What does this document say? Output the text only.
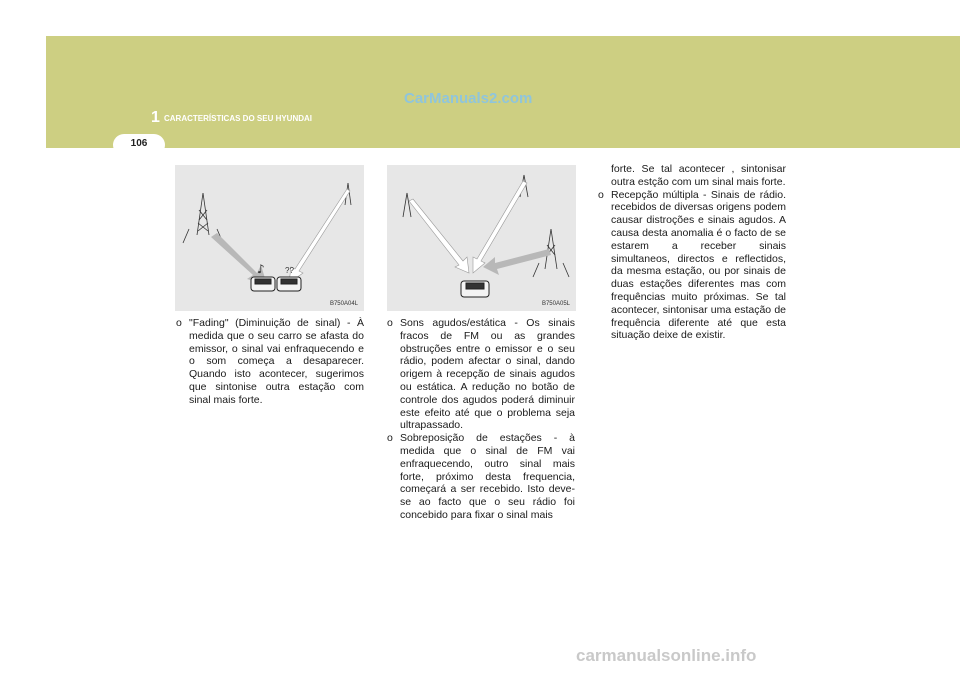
106
1 CARACTERÍSTICAS DO SEU HYUNDAI
CarManuals2.com
♪	??
B750A04L	B750A05L
o "Fading" (Diminuição de sinal) - À medida que o seu carro se afasta do emissor, o sinal vai enfraquecendo e o som começa a desaparecer. Quando isto acontecer, sugerimos que sintonise outra estação com sinal mais forte.
o Sons agudos/estática - Os sinais fracos de FM ou as grandes obstruções entre o emissor e o seu rádio, podem afectar o sinal, dando origem à recepção de sinais agudos ou estática. A redução no botão de controle dos agudos poderá diminuir este efeito até que o problema seja ultrapassado.
o Sobreposição de estações - à medida que o sinal de FM vai enfraquecendo, outro sinal mais forte, próximo desta frequencia, começará a ser recebido. Isto deve-se ao facto que o seu rádio foi concebido para fixar o sinal mais
forte. Se tal acontecer , sintonisar outra estção com um sinal mais forte.
o Recepção múltipla - Sinais de rádio. recebidos de diversas origens podem causar distroções e sinais agudos. A causa desta anomalia é o facto de se estarem a receber sinais simultaneos, directos e reflectidos, da mesma estação, ou por sinais de duas estações diferentes mas com frequências muito próximas. Se tal acontecer, sintonisar uma estação de frequência diferente até que esta situação deixe de existir.
carmanualsonline.info
